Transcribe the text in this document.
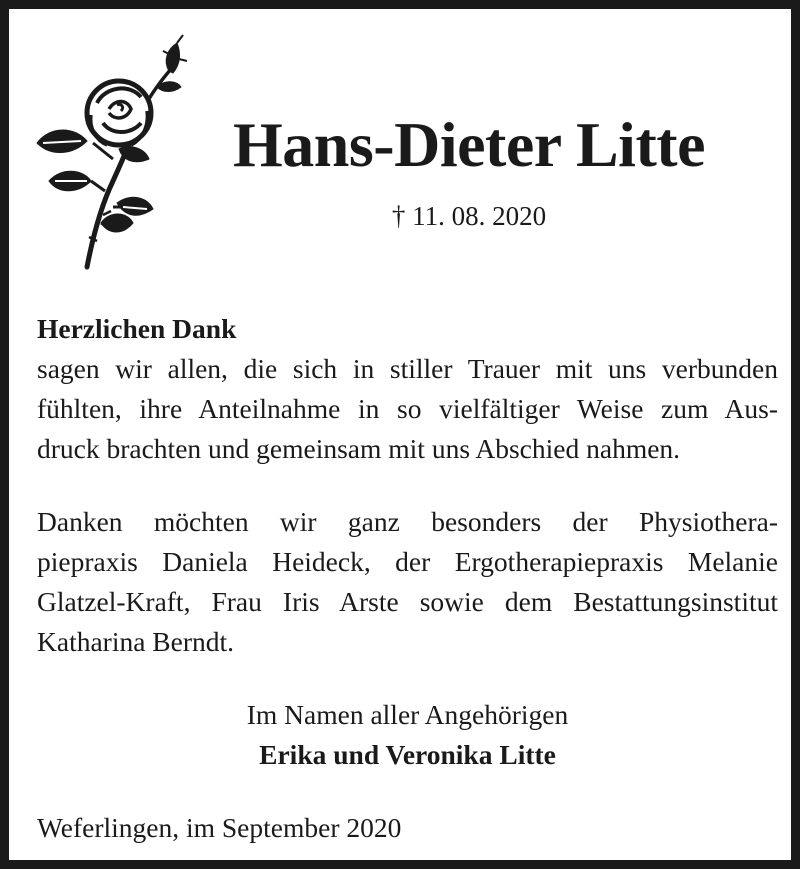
Hans-Dieter Litte
† 11. 08. 2020
Herzlichen Dank
sagen wir allen, die sich in stiller Trauer mit uns verbunden
fühlten, ihre Anteilnahme in so vielfältiger Weise zum Aus-
druck brachten und gemeinsam mit uns Abschied nahmen.
Danken möchten wir ganz besonders der Physiothera-
piepraxis Daniela Heideck, der Ergotherapiepraxis Melanie
Glatzel-Kraft, Frau Iris Arste sowie dem Bestattungsinstitut
Katharina Berndt.
Im Namen aller Angehörigen
Erika und Veronika Litte
Weferlingen, im September 2020
